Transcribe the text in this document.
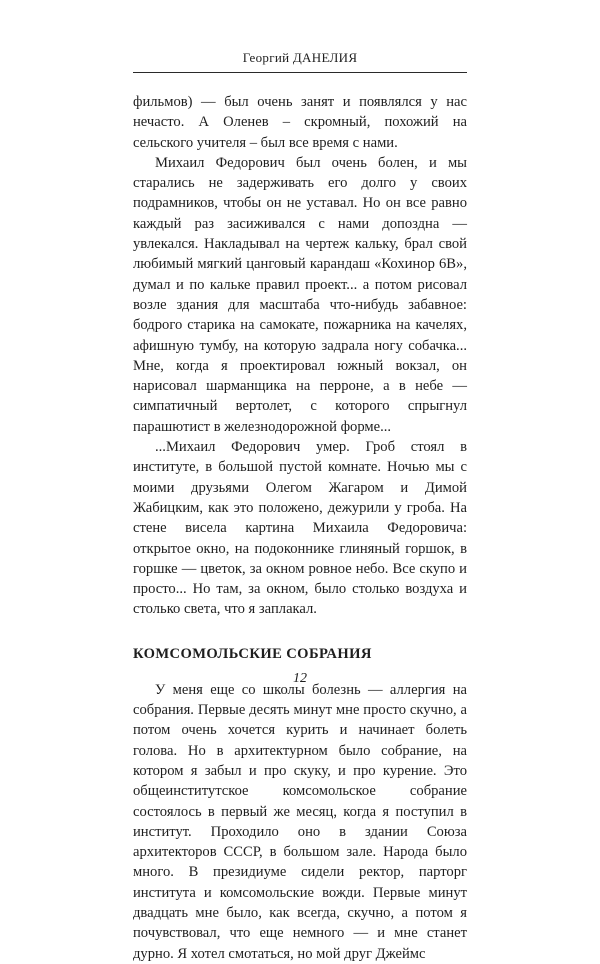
Георгий ДАНЕЛИЯ

фильмов) — был очень занят и появлялся у нас нечасто. А Оленев – скромный, похожий на сельского учителя – был все время с нами.

Михаил Федорович был очень болен, и мы старались не задерживать его долго у своих подрамников, чтобы он не уставал. Но он все равно каждый раз засиживался с нами допоздна — увлекался. Накладывал на чертеж кальку, брал свой любимый мягкий цанговый карандаш «Кохинор 6В», думал и по кальке правил проект... а потом рисовал возле здания для масштаба что-нибудь забавное: бодрого старика на самокате, пожарника на качелях, афишную тумбу, на которую задрала ногу собачка... Мне, когда я проектировал южный вокзал, он нарисовал шарманщика на перроне, а в небе — симпатичный вертолет, с которого спрыгнул парашютист в железнодорожной форме...

...Михаил Федорович умер. Гроб стоял в институте, в большой пустой комнате. Ночью мы с моими друзьями Олегом Жагаром и Димой Жабицким, как это положено, дежурили у гроба. На стене висела картина Михаила Федоровича: открытое окно, на подоконнике глиняный горшок, в горшке — цветок, за окном ровное небо. Все скупо и просто... Но там, за окном, было столько воздуха и столько света, что я заплакал.

КОМСОМОЛЬСКИЕ СОБРАНИЯ

У меня еще со школы болезнь — аллергия на собрания. Первые десять минут мне просто скучно, а потом очень хочется курить и начинает болеть голова. Но в архитектурном было собрание, на котором я забыл и про скуку, и про курение. Это общеинститутское комсомольское собрание состоялось в первый же месяц, когда я поступил в институт. Проходило оно в здании Союза архитекторов СССР, в большом зале. Народа было много. В президиуме сидели ректор, парторг института и комсомольские вожди. Первые минут двадцать мне было, как всегда, скучно, а потом я почувствовал, что еще немного — и мне станет дурно. Я хотел смотаться, но мой друг Джеймс

12
